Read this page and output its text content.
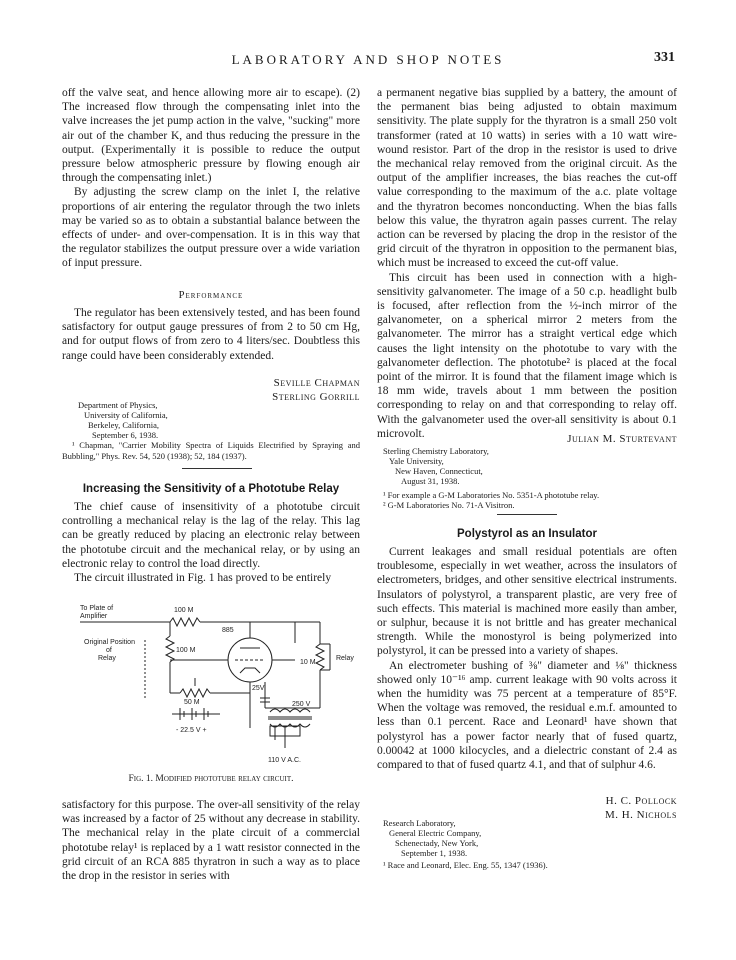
LABORATORY AND SHOP NOTES	331

off the valve seat, and hence allowing more air to escape). (2) The increased flow through the compensating inlet into the valve increases the jet pump action in the valve, "sucking" more air out of the chamber K, and thus reducing the pressure in the output. (Experimentally it is possible to reduce the output pressure below atmospheric pressure by flowing enough air through the compensating inlet.)

By adjusting the screw clamp on the inlet I, the relative proportions of air entering the regulator through the two inlets may be varied so as to obtain a substantial balance between the effects of under- and over-compensation. It is in this way that the regulator stabilizes the output pressure over a wide variation of input pressure.

Performance

The regulator has been extensively tested, and has been found satisfactory for output gauge pressures of from 2 to 50 cm Hg, and for output flows of from zero to 4 liters/sec. Doubtless this range could have been considerably extended.

Seville Chapman
Sterling Gorrill
Department of Physics,
University of California,
Berkeley, California,
September 6, 1938.
¹ Chapman, "Carrier Mobility Spectra of Liquids Electrified by Spraying and Bubbling," Phys. Rev. 54, 520 (1938); 52, 184 (1937).
Increasing the Sensitivity of a Phototube Relay

The chief cause of insensitivity of a phototube circuit controlling a mechanical relay is the lag of the relay. This lag can be greatly reduced by placing an electronic relay between the phototube circuit and the mechanical relay, or by using an electronic relay to control the load directly.

The circuit illustrated in Fig. 1 has proved to be entirely

To Plate of
Amplifier
100 M
885
Original Position
of
Relay
100 M
10 M
Relay
50 M
- 22.5 V +
25V
250 V
110 V A.C.
Fig. 1. Modified phototube relay circuit.

satisfactory for this purpose. The over-all sensitivity of the relay was increased by a factor of 25 without any decrease in stability. The mechanical relay in the plate circuit of a commercial phototube relay¹ is replaced by a 1 watt resistor connected in the grid circuit of an RCA 885 thyratron in such a way as to place the drop in the resistor in series with

a permanent negative bias supplied by a battery, the amount of the permanent bias being adjusted to obtain maximum sensitivity. The plate supply for the thyratron is a small 250 volt transformer (rated at 10 watts) in series with a 10 watt wire-wound resistor. Part of the drop in the resistor is used to drive the mechanical relay removed from the original circuit. As the output of the amplifier increases, the bias reaches the cut-off value corresponding to the maximum of the a.c. plate voltage and the thyratron becomes nonconducting. When the bias falls below this value, the thyratron again passes current. The relay action can be reversed by placing the drop in the resistor of the grid circuit of the thyratron in opposition to the permanent bias, which must be increased to exceed the cut-off value.

This circuit has been used in connection with a high-sensitivity galvanometer. The image of a 50 c.p. headlight bulb is focused, after reflection from the ½-inch mirror of the galvanometer, on a spherical mirror 2 meters from the galvanometer. The mirror has a straight vertical edge which causes the light intensity on the phototube to vary with the galvanometer deflection. The phototube² is placed at the focal point of the mirror. It is found that the filament image which is 18 mm wide, travels about 1 mm between the position corresponding to relay on and that corresponding to relay off. With the galvanometer used the over-all sensitivity is about 0.1 microvolt.	Julian M. Sturtevant
Sterling Chemistry Laboratory,
Yale University,
New Haven, Connecticut,
August 31, 1938.
¹ For example a G-M Laboratories No. 5351-A phototube relay.
² G-M Laboratories No. 71-A Visitron.
Polystyrol as an Insulator

Current leakages and small residual potentials are often troublesome, especially in wet weather, across the insulators of electrometers, bridges, and other sensitive electrical instruments. Insulators of polystyrol, a transparent plastic, are very free of such effects. This material is machined more easily than amber, or sulphur, because it is not brittle and has greater mechanical strength. While the monostyrol is being polymerized into polystyrol, it can be pressed into a variety of shapes.

An electrometer bushing of ⅜" diameter and ⅛" thickness showed only 10⁻¹⁶ amp. current leakage with 90 volts across it when the humidity was 75 percent at a temperature of 85°F. When the voltage was removed, the residual e.m.f. amounted to less than 0.1 percent. Race and Leonard¹ have shown that polystyrol has a power factor nearly that of fused quartz, 0.00042 at 1000 kilocycles, and a dielectric constant of 2.4 as compared to that of fused quartz 4.1, and that of sulphur 4.6.

H. C. Pollock
M. H. Nichols
Research Laboratory,
General Electric Company,
Schenectady, New York,
September 1, 1938.
¹ Race and Leonard, Elec. Eng. 55, 1347 (1936).
